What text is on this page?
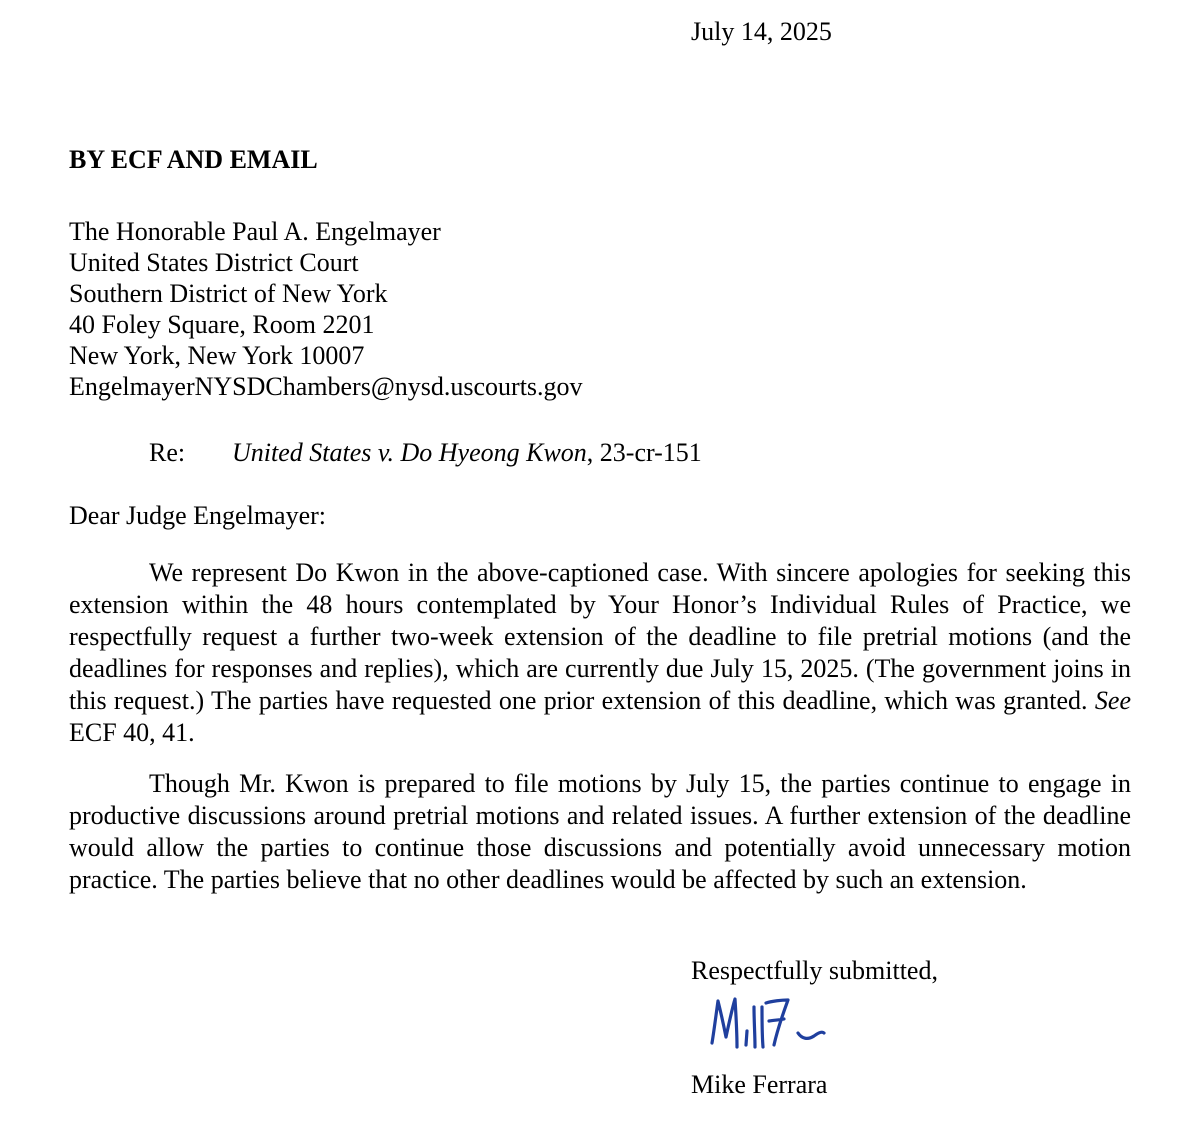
July 14, 2025
BY ECF AND EMAIL
The Honorable Paul A. Engelmayer
United States District Court
Southern District of New York
40 Foley Square, Room 2201
New York, New York 10007
EngelmayerNYSDChambers@nysd.uscourts.gov
Re: United States v. Do Hyeong Kwon, 23-cr-151
Dear Judge Engelmayer:
We represent Do Kwon in the above-captioned case. With sincere apologies for seeking this extension within the 48 hours contemplated by Your Honor’s Individual Rules of Practice, we respectfully request a further two-week extension of the deadline to file pretrial motions (and the deadlines for responses and replies), which are currently due July 15, 2025. (The government joins in this request.) The parties have requested one prior extension of this deadline, which was granted. See ECF 40, 41.
Though Mr. Kwon is prepared to file motions by July 15, the parties continue to engage in productive discussions around pretrial motions and related issues. A further extension of the deadline would allow the parties to continue those discussions and potentially avoid unnecessary motion practice. The parties believe that no other deadlines would be affected by such an extension.
Respectfully submitted,
Mike Ferrara
